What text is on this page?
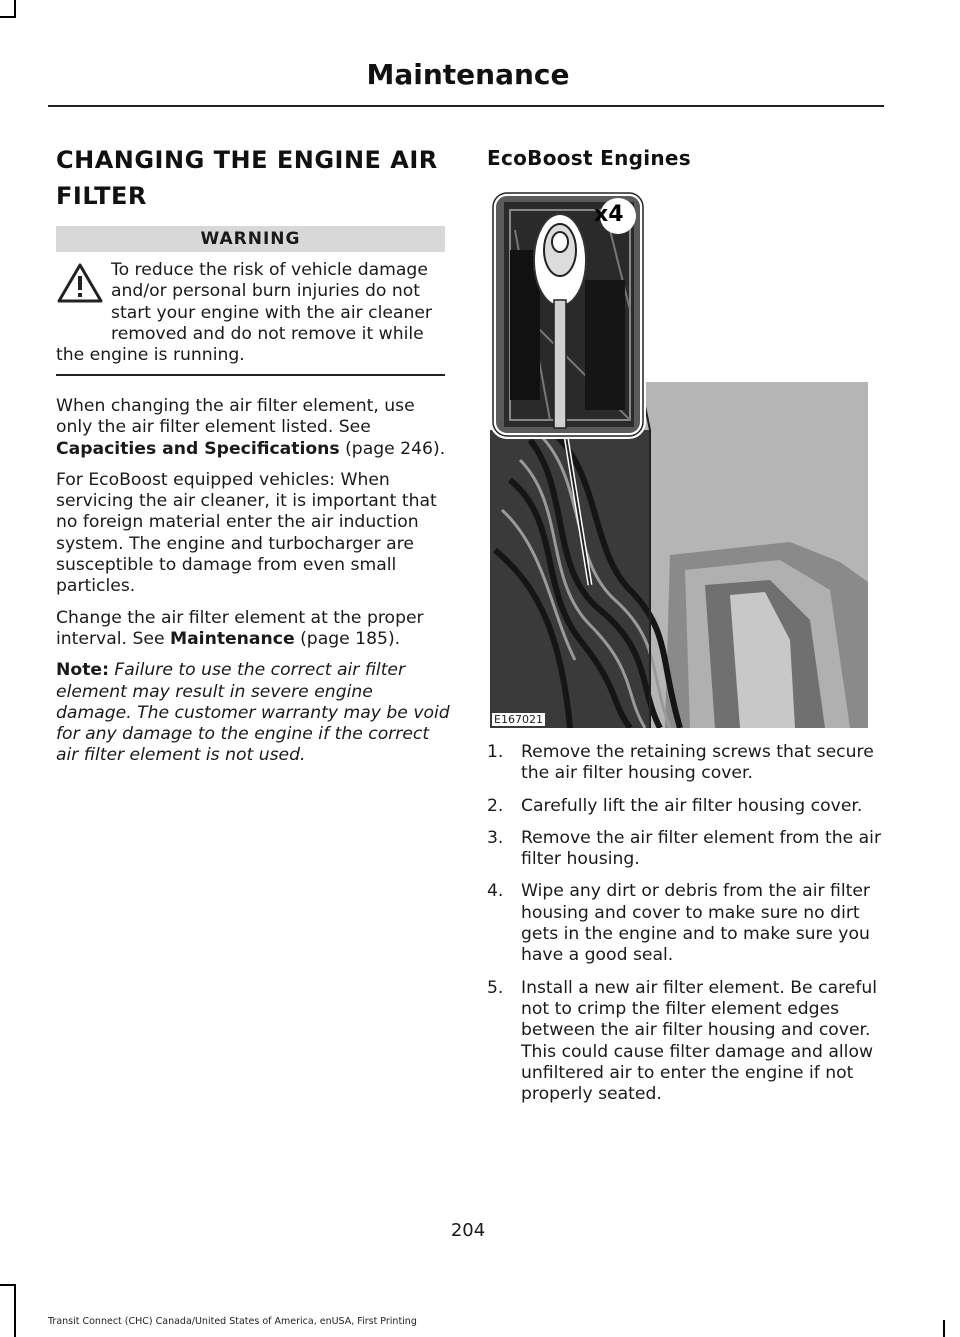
Maintenance
CHANGING THE ENGINE AIR FILTER
WARNING
To reduce the risk of vehicle damage and/or personal burn injuries do not start your engine with the air cleaner removed and do not remove it while the engine is running.

When changing the air filter element, use only the air filter element listed. See Capacities and Specifications (page 246).

For EcoBoost equipped vehicles: When servicing the air cleaner, it is important that no foreign material enter the air induction system. The engine and turbocharger are susceptible to damage from even small particles.

Change the air filter element at the proper interval. See Maintenance (page 185).

Note: Failure to use the correct air filter element may result in severe engine damage. The customer warranty may be void for any damage to the engine if the correct air filter element is not used.

EcoBoost Engines
x4
E167021
1. Remove the retaining screws that secure the air filter housing cover.
2. Carefully lift the air filter housing cover.
3. Remove the air filter element from the air filter housing.
4. Wipe any dirt or debris from the air filter housing and cover to make sure no dirt gets in the engine and to make sure you have a good seal.
5. Install a new air filter element. Be careful not to crimp the filter element edges between the air filter housing and cover. This could cause filter damage and allow unfiltered air to enter the engine if not properly seated.
204
Transit Connect (CHC) Canada/United States of America, enUSA, First Printing
